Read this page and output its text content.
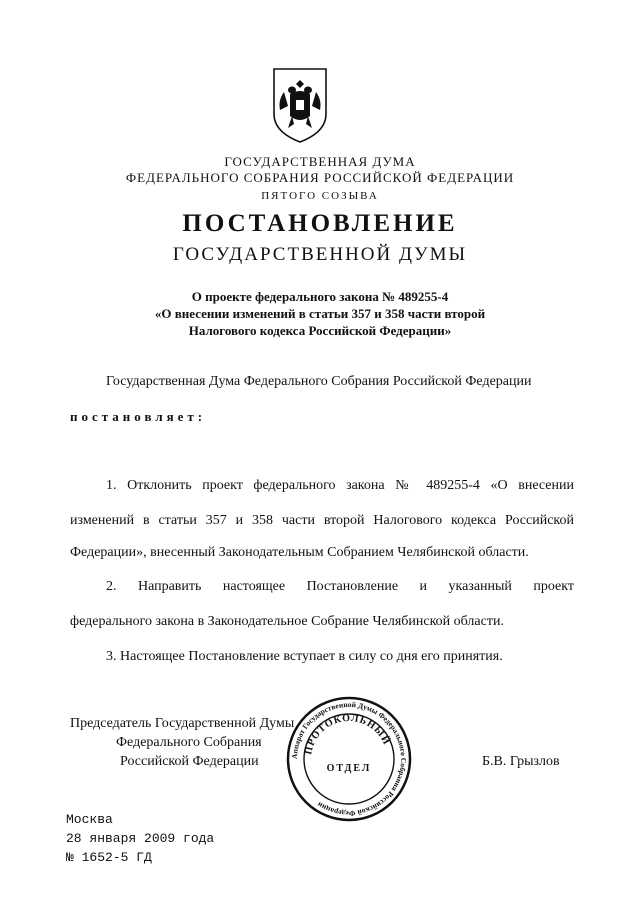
ГОСУДАРСТВЕННАЯ ДУМА
ФЕДЕРАЛЬНОГО СОБРАНИЯ РОССИЙСКОЙ ФЕДЕРАЦИИ
ПЯТОГО СОЗЫВА
ПОСТАНОВЛЕНИЕ
ГОСУДАРСТВЕННОЙ ДУМЫ
О проекте федерального закона № 489255-4
«О внесении изменений в статьи 357 и 358 части второй
Налогового кодекса Российской Федерации»
Государственная Дума Федерального Собрания Российской Федерации
постановляет:
1. Отклонить проект федерального закона № 489255-4 «О внесении
изменений в статьи 357 и 358 части второй Налогового кодекса Российской
Федерации», внесенный Законодательным Собранием Челябинской области.
2. Направить настоящее Постановление и указанный проект
федерального закона в Законодательное Собрание Челябинской области.
3. Настоящее Постановление вступает в силу со дня его принятия.
Председатель Государственной Думы
Федерального Собрания
Российской Федерации	Б.В. Грызлов
Аппарат Государственной Думы Федерального Собрания Российской Федерации
ПРОТОКОЛЬНЫЙ
ОТДЕЛ
Москва
28 января 2009 года
№ 1652-5 ГД
